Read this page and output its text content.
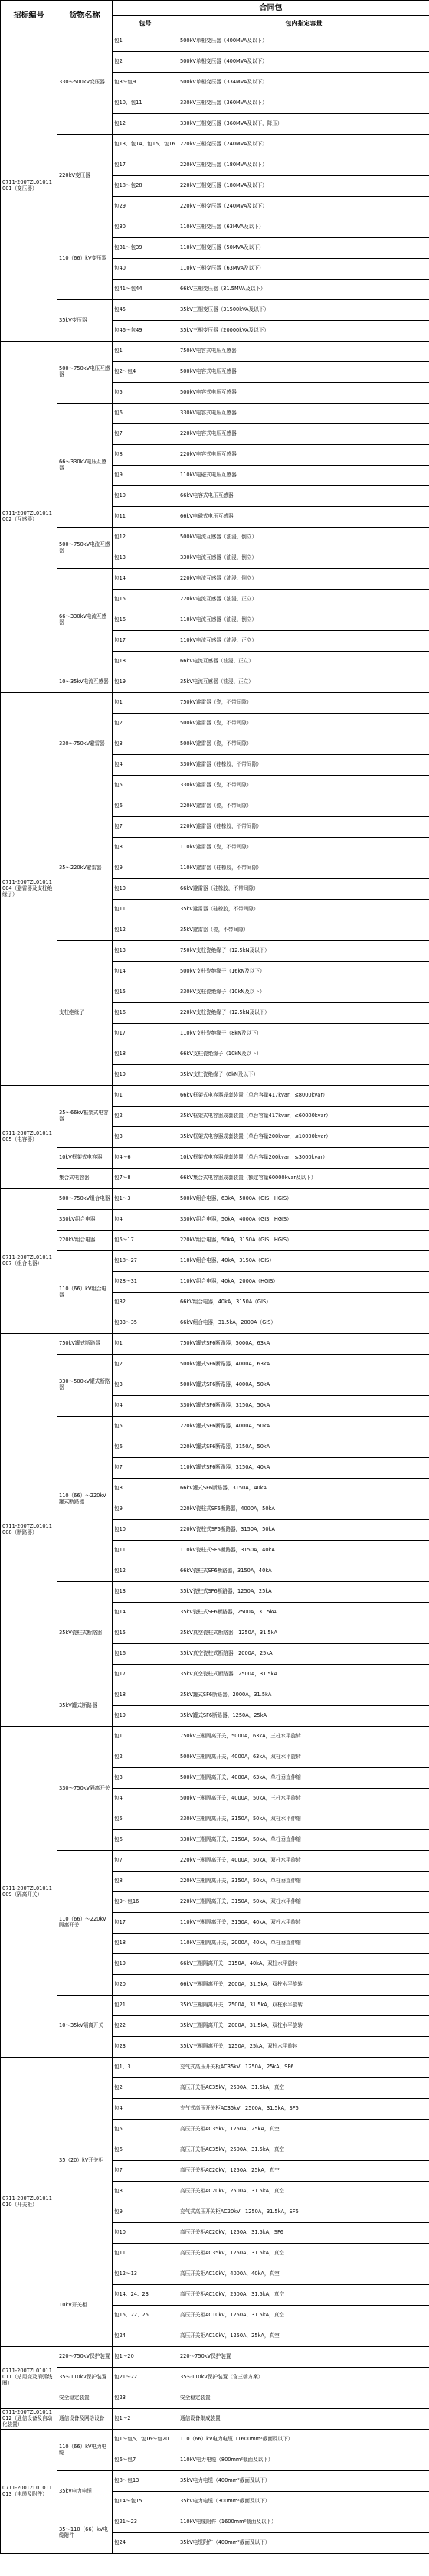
招标编号	货物名称	合同包	
		包号	包内指定容量
0711-200TZL01011001（变压器）	330～500kV变压器	包1	500kV单相变压器（400MVA及以下）
		包2	500kV单相变压器（400MVA及以下）
		包3～包9	500kV单相变压器（334MVA及以下）
		包10、包11	330kV三相变压器（360MVA及以下）
		包12	330kV三相变压器（360MVA及以下，降压）
	220kV变压器	包13、包14、包15、包16	220kV三相变压器（240MVA及以下）
		包17	220kV三相变压器（180MVA及以下）
		包18～包28	220kV三相变压器（180MVA及以下）
		包29	220kV三相变压器（240MVA及以下）
	110（66）kV变压器	包30	110kV三相变压器（63MVA及以下）
		包31～包39	110kV三相变压器（50MVA及以下）
		包40	110kV三相变压器（63MVA及以下）
		包41～包44	66kV三相变压器（31.5MVA及以下）
	35kV变压器	包45	35kV三相变压器（31500kVA及以下）
		包46～包49	35kV三相变压器（20000kVA及以下）
0711-200TZL01011002（互感器）	500～750kV电压互感器	包1	750kV电容式电压互感器
		包2～包4	500kV电容式电压互感器
		包5	500kV电容式电压互感器
	66～330kV电压互感器	包6	330kV电容式电压互感器
		包7	220kV电容式电压互感器
		包8	220kV电容式电压互感器
		包9	110kV电磁式电压互感器
		包10	66kV电容式电压互感器
		包11	66kV电磁式电压互感器
	500～750kV电流互感器	包12	500kV电流互感器（油浸、倒立）
		包13	330kV电流互感器（油浸、倒立）
	66～330kV电流互感器	包14	220kV电流互感器（油浸、倒立）
		包15	220kV电流互感器（油浸、正立）
		包16	110kV电流互感器（油浸、倒立）
		包17	110kV电流互感器（油浸、正立）
		包18	66kV电流互感器（油浸、正立）
	10～35kV电流互感器	包19	35kV电流互感器（油浸、正立）
0711-200TZL01011004（避雷器及支柱绝缘子）	330～750kV避雷器	包1	750kV避雷器（瓷，不带间隙）
		包2	500kV避雷器（瓷，不带间隙）
		包3	500kV避雷器（瓷，不带间隙）
		包4	330kV避雷器（硅橡胶，不带间隙）
		包5	330kV避雷器（瓷，不带间隙）
	35～220kV避雷器	包6	220kV避雷器（瓷，不带间隙）
		包7	220kV避雷器（硅橡胶，不带间隙）
		包8	110kV避雷器（瓷，不带间隙）
		包9	110kV避雷器（硅橡胶，不带间隙）
		包10	66kV避雷器（硅橡胶，不带间隙）
		包11	35kV避雷器（硅橡胶，不带间隙）
		包12	35kV避雷器（瓷，不带间隙）
	支柱绝缘子	包13	750kV支柱瓷绝缘子（12.5kN及以下）
		包14	500kV支柱瓷绝缘子（16kN及以下）
		包15	330kV支柱瓷绝缘子（10kN及以下）
		包16	220kV支柱瓷绝缘子（12.5kN及以下）
		包17	110kV支柱瓷绝缘子（8kN及以下）
		包18	66kV支柱瓷绝缘子（10kN及以下）
		包19	35kV支柱瓷绝缘子（8kN及以下）
0711-200TZL01011005（电容器）	35～66kV框架式电容器	包1	66kV框架式电容器成套装置（单台容量417kvar，≤8000kvar）
		包2	35kV框架式电容器成套装置（单台容量417kvar，≤60000kvar）
		包3	35kV框架式电容器成套装置（单台容量200kvar，≤10000kvar）
	10kV框架式电容器	包4～6	10kV框架式电容器成套装置（单台容量200kvar，≤3000kvar）
	集合式电容器	包7～8	66kV集合式电容器成套装置（额定容量60000kvar及以下）
0711-200TZL01011007（组合电器）	500～750kV组合电器	包1～3	500kV组合电器，63kA，5000A（GIS，HGIS）
	330kV组合电器	包4	330kV组合电器，50kA，4000A（GIS，HGIS）
	220kV组合电器	包5～17	220kV组合电器，50kA，3150A（GIS，HGIS）
	110（66）kV组合电器	包18～27	110kV组合电器，40kA，3150A（GIS）
		包28～31	110kV组合电器，40kA，2000A（HGIS）
		包32	66kV组合电器，40kA，3150A（GIS）
		包33～35	66kV组合电器，31.5kA，2000A（GIS）
0711-200TZL01011008（断路器）	750kV罐式断路器	包1	750kV罐式SF6断路器，5000A，63kA
	330～500kV罐式断路器	包2	500kV罐式SF6断路器，4000A，63kA
		包3	500kV罐式SF6断路器，4000A，50kA
		包4	330kV罐式SF6断路器，3150A，50kA
	110（66）～220kV罐式断路器	包5	220kV罐式SF6断路器，4000A，50kA
		包6	220kV罐式SF6断路器，3150A，50kA
		包7	110kV罐式SF6断路器，3150A，40kA
		包8	66kV罐式SF6断路器，3150A，40kA
		包9	220kV瓷柱式SF6断路器，4000A，50kA
		包10	220kV瓷柱式SF6断路器，3150A，50kA
		包11	110kV瓷柱式SF6断路器，3150A，40kA
		包12	66kV瓷柱式SF6断路器，3150A，40kA
	35kV瓷柱式断路器	包13	35kV瓷柱式SF6断路器，1250A，25kA
		包14	35kV瓷柱式SF6断路器，2500A，31.5kA
		包15	35kV真空瓷柱式断路器，1250A，31.5kA
		包16	35kV真空瓷柱式断路器，2000A，25kA
		包17	35kV真空瓷柱式断路器，2500A，31.5kA
	35kV罐式断路器	包18	35kV罐式SF6断路器，2000A，31.5kA
		包19	35kV罐式SF6断路器，1250A，25kA
0711-200TZL01011009（隔离开关）	330～750kV隔离开关	包1	750kV三相隔离开关，5000A，63kA，三柱水平旋转
		包2	500kV三相隔离开关，4000A，63kA，双柱水平旋转
		包3	500kV三相隔离开关，4000A，63kA，单柱垂直伸缩
		包4	500kV三相隔离开关，4000A，50kA，三柱水平旋转
		包5	330kV三相隔离开关，3150A，50kA，双柱水平伸缩
		包6	330kV三相隔离开关，3150A，50kA，单柱垂直伸缩
	110（66）～220kV隔离开关	包7	220kV三相隔离开关，4000A，50kA，双柱水平旋转
		包8	220kV三相隔离开关，3150A，50kA，单柱垂直伸缩
		包9～包16	220kV三相隔离开关，3150A，50kA，双柱水平伸缩
		包17	110kV三相隔离开关，3150A，40kA，双柱水平旋转
		包18	110kV三相隔离开关，2000A，40kA，单柱垂直伸缩
		包19	66kV三相隔离开关，3150A，40kA，双柱水平旋转
		包20	66kV三相隔离开关，2000A，31.5kA，双柱水平旋转
	10～35kV隔离开关	包21	35kV三相隔离开关，2500A，31.5kA，双柱水平旋转
		包22	35kV三相隔离开关，2000A，31.5kA，双柱水平旋转
		包23	35kV三相隔离开关，1250A，25kA，双柱水平旋转
0711-200TZL01011010（开关柜）	35（20）kV开关柜	包1、3	充气式高压开关柜AC35kV，1250A，25kA，SF6
		包2	高压开关柜AC35kV，2500A，31.5kA，真空
		包4	充气式高压开关柜AC35kV，2500A，31.5kA，SF6
		包5	高压开关柜AC35kV，1250A，25kA，真空
		包6	高压开关柜AC35kV，2500A，31.5kA，真空
		包7	高压开关柜AC20kV，1250A，25kA，真空
		包8	高压开关柜AC20kV，2500A，31.5kA，真空
		包9	充气式高压开关柜AC20kV，1250A，31.5kA，SF6
		包10	高压开关柜AC20kV，1250A，31.5kA，SF6
		包11	高压开关柜AC35kV，1250A，31.5kA，真空
	10kV开关柜	包12～13	高压开关柜AC10kV，4000A，40kA，真空
		包14、24、23	高压开关柜AC10kV，2500A，31.5kA，真空
		包15、22、25	高压开关柜AC10kV，1250A，31.5kA，真空
		包24	高压开关柜AC10kV，1250A，25kA，真空
0711-200TZL01011011（站用变及消弧线圈）	220～750kV保护装置	包1～20	220～750kV保护装置
	35～110kV保护装置	包21～22	35～110kV保护装置（含三端方案）
	安全稳定装置	包23	安全稳定装置
0711-200TZL01011012（通信设备及自动化装置）	通信设备及网络设备	包1～2	通信设备集成装置
0711-200TZL01011013（电缆及附件）	110（66）kV电力电缆	包1～包5、包16～包20	110（66）kV电力电缆（1600mm²截面及以下）
		包6～包7	110kV电力电缆（800mm²截面及以下）
	35kV电力电缆	包8～包13	35kV电力电缆（400mm²截面及以下）
		包14～包15	35kV电力电缆（300mm²截面及以下）
	35～110（66）kV电缆附件	包21～23	110kV电缆附件（1600mm²截面及以下）
		包24	35kV电缆附件（400mm²截面及以下）
